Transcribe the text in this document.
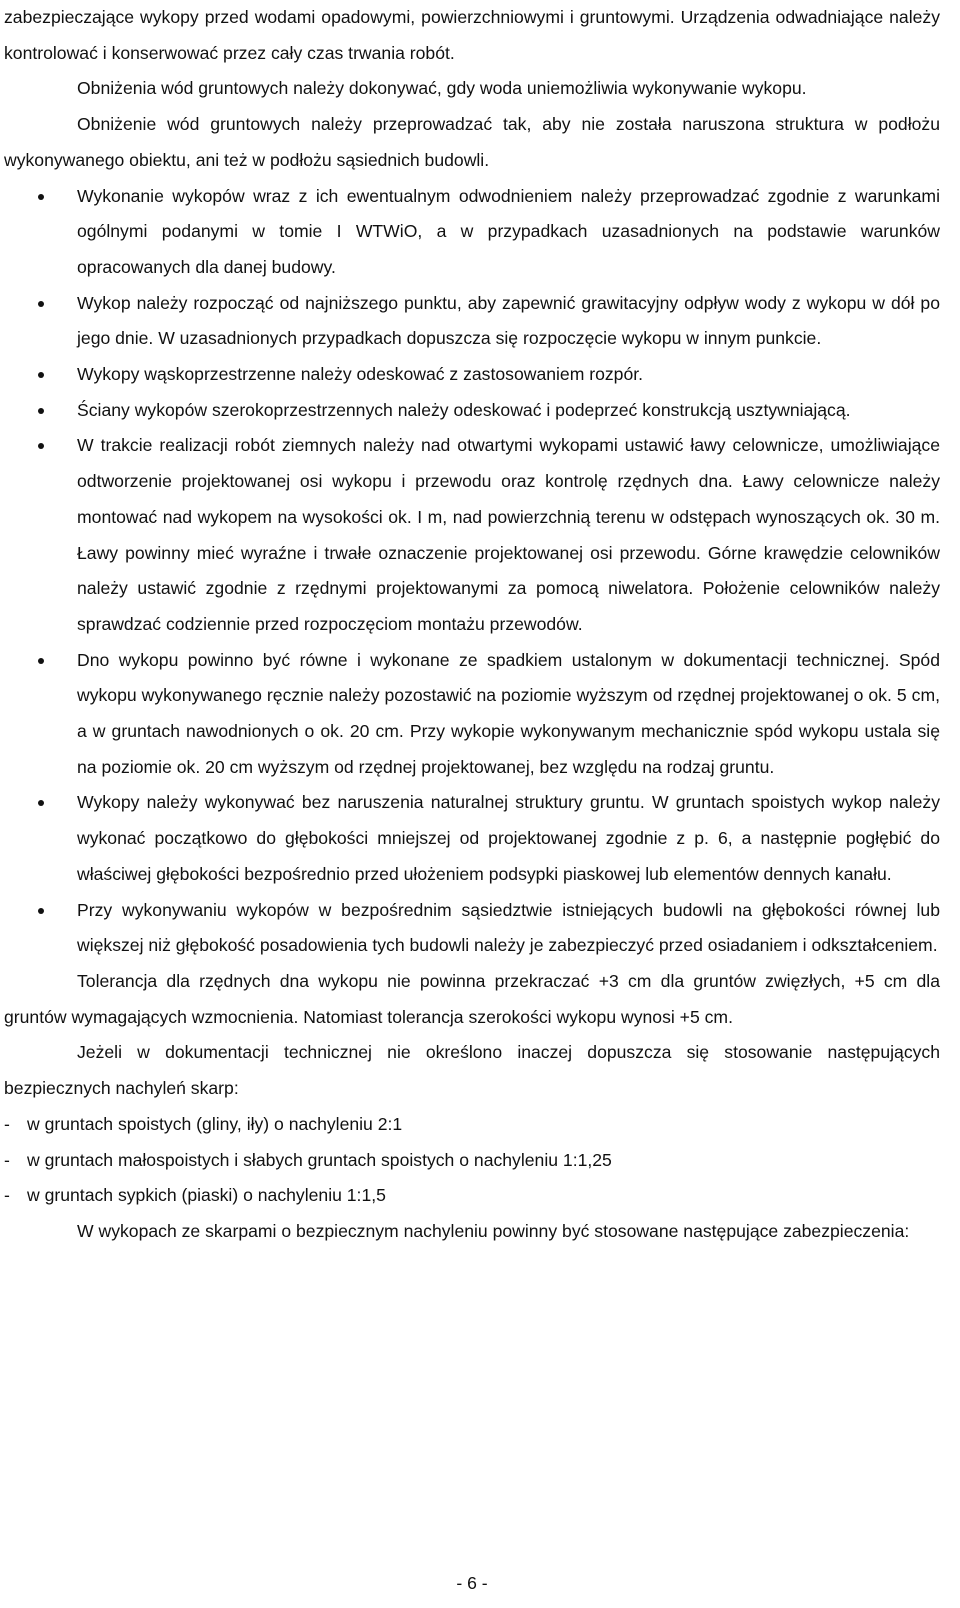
zabezpieczające wykopy przed wodami opadowymi, powierzchniowymi i gruntowymi. Urządzenia odwadniające należy kontrolować i konserwować przez cały czas trwania robót.

Obniżenia wód gruntowych należy dokonywać, gdy woda uniemożliwia wykonywanie wykopu.

Obniżenie wód gruntowych należy przeprowadzać tak, aby nie została naruszona struktura w podłożu wykonywanego obiektu, ani też w podłożu sąsiednich budowli.

Wykonanie wykopów wraz z ich ewentualnym odwodnieniem należy przeprowadzać zgodnie z warunkami ogólnymi podanymi w tomie I WTWiO, a w przypadkach uzasadnionych na podstawie warunków opracowanych dla danej budowy.
Wykop należy rozpocząć od najniższego punktu, aby zapewnić grawitacyjny odpływ wody z wykopu w dół po jego dnie. W uzasadnionych przypadkach dopuszcza się rozpoczęcie wykopu w innym punkcie.
Wykopy wąskoprzestrzenne należy odeskować z zastosowaniem rozpór.
Ściany wykopów szerokoprzestrzennych należy odeskować i podeprzeć konstrukcją usztywniającą.
W trakcie realizacji robót ziemnych należy nad otwartymi wykopami ustawić ławy celownicze, umożliwiające odtworzenie projektowanej osi wykopu i przewodu oraz kontrolę rzędnych dna. Ławy celownicze należy montować nad wykopem na wysokości ok. I m, nad powierzchnią terenu w odstępach wynoszących ok. 30 m. Ławy powinny mieć wyraźne i trwałe oznaczenie projektowanej osi przewodu. Górne krawędzie celowników należy ustawić zgodnie z rzędnymi projektowanymi za pomocą niwelatora. Położenie celowników należy sprawdzać codziennie przed rozpoczęciom montażu przewodów.
Dno wykopu powinno być równe i wykonane ze spadkiem ustalonym w dokumentacji technicznej. Spód wykopu wykonywanego ręcznie należy pozostawić na poziomie wyższym od rzędnej projektowanej o ok. 5 cm, a w gruntach nawodnionych o ok. 20 cm. Przy wykopie wykonywanym mechanicznie spód wykopu ustala się na poziomie ok. 20 cm wyższym od rzędnej projektowanej, bez względu na rodzaj gruntu.
Wykopy należy wykonywać bez naruszenia naturalnej struktury gruntu. W gruntach spoistych wykop należy wykonać początkowo do głębokości mniejszej od projektowanej zgodnie z p. 6, a następnie pogłębić do właściwej głębokości bezpośrednio przed ułożeniem podsypki piaskowej lub elementów dennych kanału.
Przy wykonywaniu wykopów w bezpośrednim sąsiedztwie istniejących budowli na głębokości równej lub większej niż głębokość posadowienia tych budowli należy je zabezpieczyć przed osiadaniem i odkształceniem.

Tolerancja dla rzędnych dna wykopu nie powinna przekraczać +3 cm dla gruntów zwięzłych, +5 cm dla gruntów wymagających wzmocnienia. Natomiast tolerancja szerokości wykopu wynosi +5 cm.

Jeżeli w dokumentacji technicznej nie określono inaczej dopuszcza się stosowanie następujących bezpiecznych nachyleń skarp:

- w gruntach spoistych (gliny, iły) o nachyleniu 2:1
- w gruntach małospoistych i słabych gruntach spoistych o nachyleniu 1:1,25
- w gruntach sypkich (piaski) o nachyleniu 1:1,5

W wykopach ze skarpami o bezpiecznym nachyleniu powinny być stosowane następujące zabezpieczenia:

- 6 -
